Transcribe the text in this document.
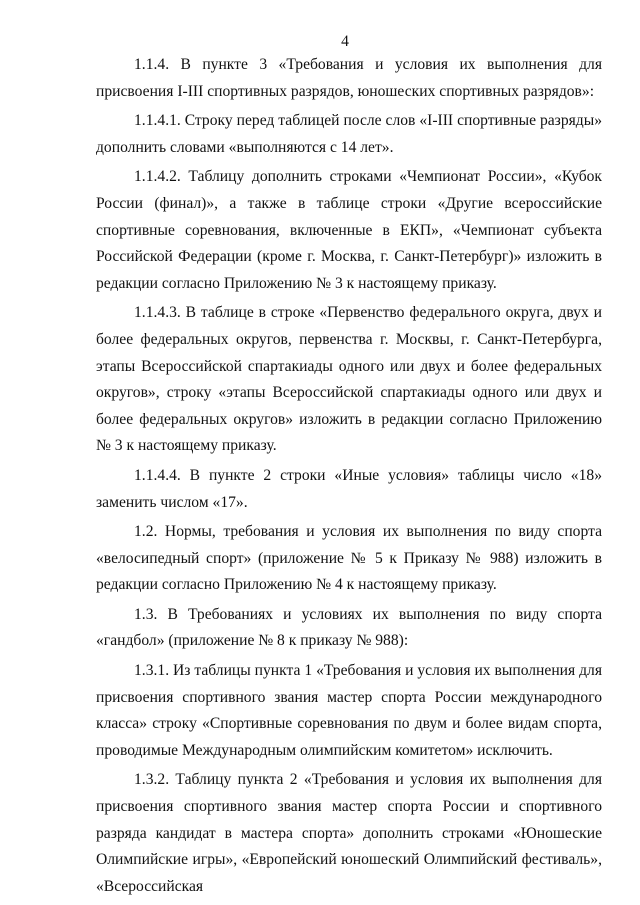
4

1.1.4. В пункте 3 «Требования и условия их выполнения для присвоения I-III спортивных разрядов, юношеских спортивных разрядов»:

1.1.4.1. Строку перед таблицей после слов «I-III спортивные разряды» дополнить словами «выполняются с 14 лет».

1.1.4.2. Таблицу дополнить строками «Чемпионат России», «Кубок России (финал)», а также в таблице строки «Другие всероссийские спортивные соревнования, включенные в ЕКП», «Чемпионат субъекта Российской Федерации (кроме г. Москва, г. Санкт-Петербург)» изложить в редакции согласно Приложению № 3 к настоящему приказу.

1.1.4.3. В таблице в строке «Первенство федерального округа, двух и более федеральных округов, первенства г. Москвы, г. Санкт-Петербурга, этапы Всероссийской спартакиады одного или двух и более федеральных округов», строку «этапы Всероссийской спартакиады одного или двух и более федеральных округов» изложить в редакции согласно Приложению № 3 к настоящему приказу.

1.1.4.4. В пункте 2 строки «Иные условия» таблицы число «18» заменить числом «17».

1.2. Нормы, требования и условия их выполнения по виду спорта «велосипедный спорт» (приложение № 5 к Приказу № 988) изложить в редакции согласно Приложению № 4 к настоящему приказу.

1.3. В Требованиях и условиях их выполнения по виду спорта «гандбол» (приложение № 8 к приказу № 988):

1.3.1. Из таблицы пункта 1 «Требования и условия их выполнения для присвоения спортивного звания мастер спорта России международного класса» строку «Спортивные соревнования по двум и более видам спорта, проводимые Международным олимпийским комитетом» исключить.

1.3.2. Таблицу пункта 2 «Требования и условия их выполнения для присвоения спортивного звания мастер спорта России и спортивного разряда кандидат в мастера спорта» дополнить строками «Юношеские Олимпийские игры», «Европейский юношеский Олимпийский фестиваль», «Всероссийская
